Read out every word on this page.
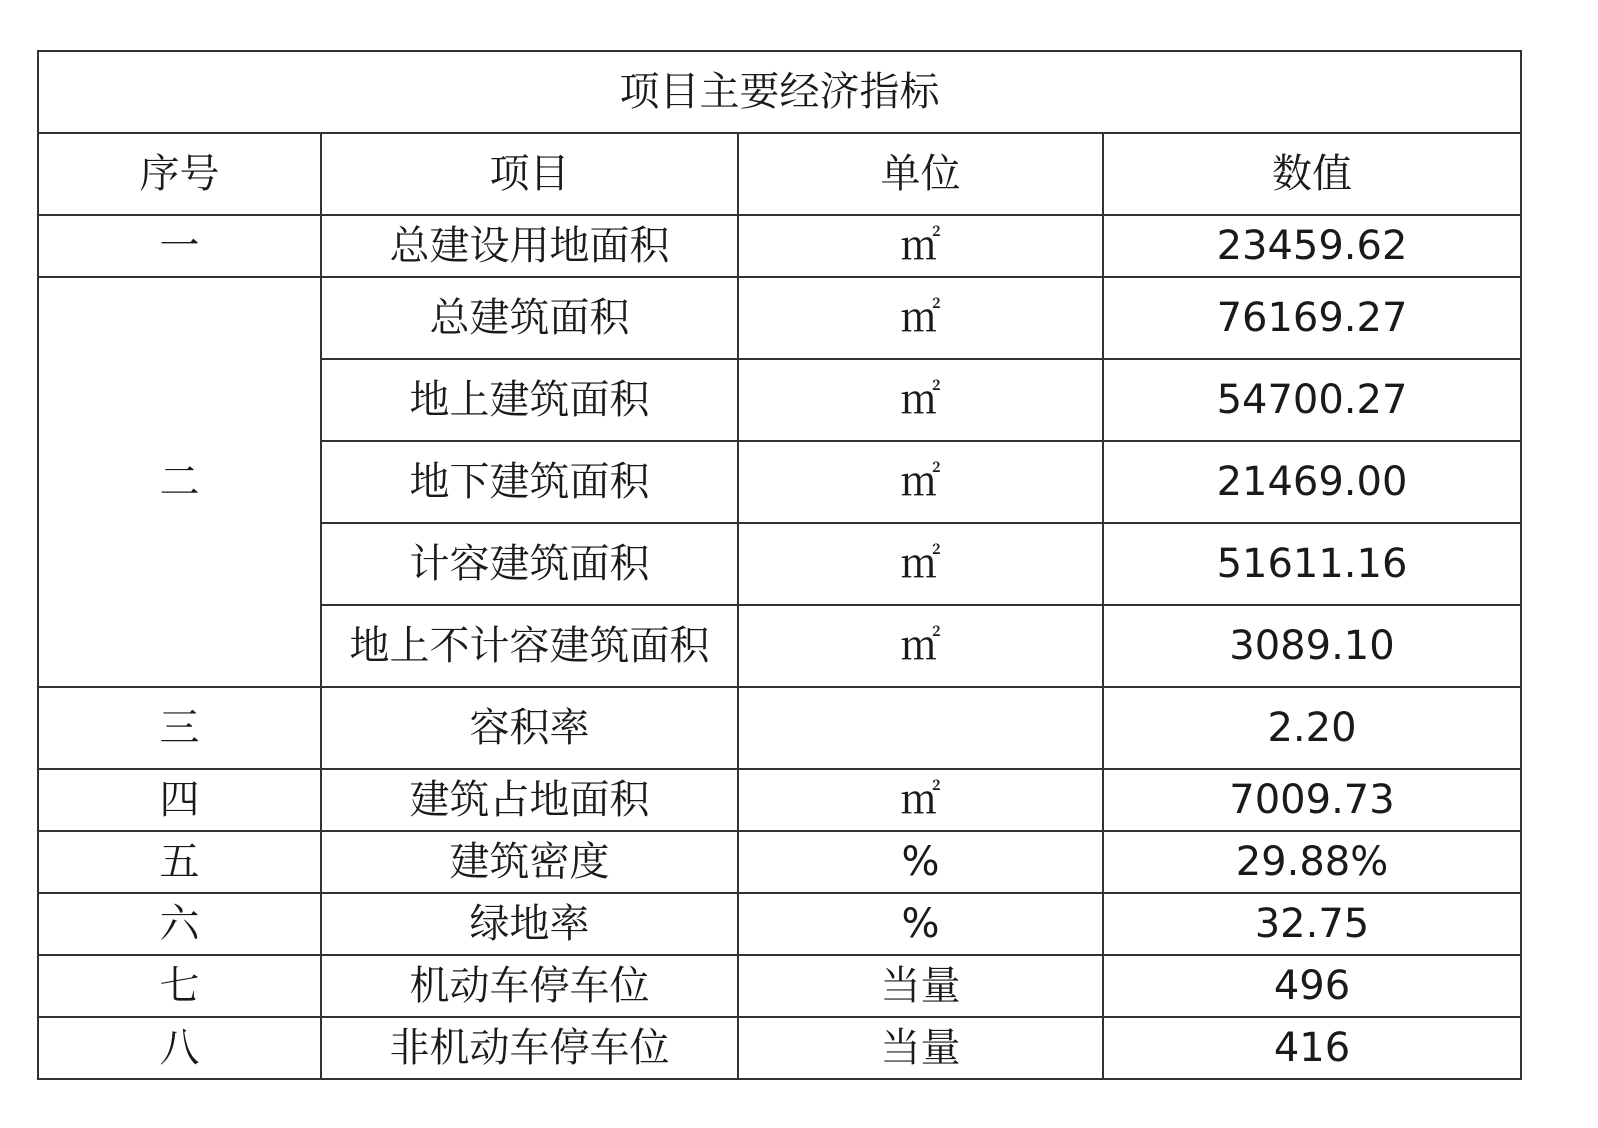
项目主要经济指标			
序号	项目	单位	数值
一	总建设用地面积	㎡	23459.62
二	总建筑面积	㎡	76169.27
	地上建筑面积	㎡	54700.27
	地下建筑面积	㎡	21469.00
	计容建筑面积	㎡	51611.16
	地上不计容建筑面积	㎡	3089.10
三	容积率		2.20
四	建筑占地面积	㎡	7009.73
五	建筑密度	%	29.88%
六	绿地率	%	32.75
七	机动车停车位	当量	496
八	非机动车停车位	当量	416
